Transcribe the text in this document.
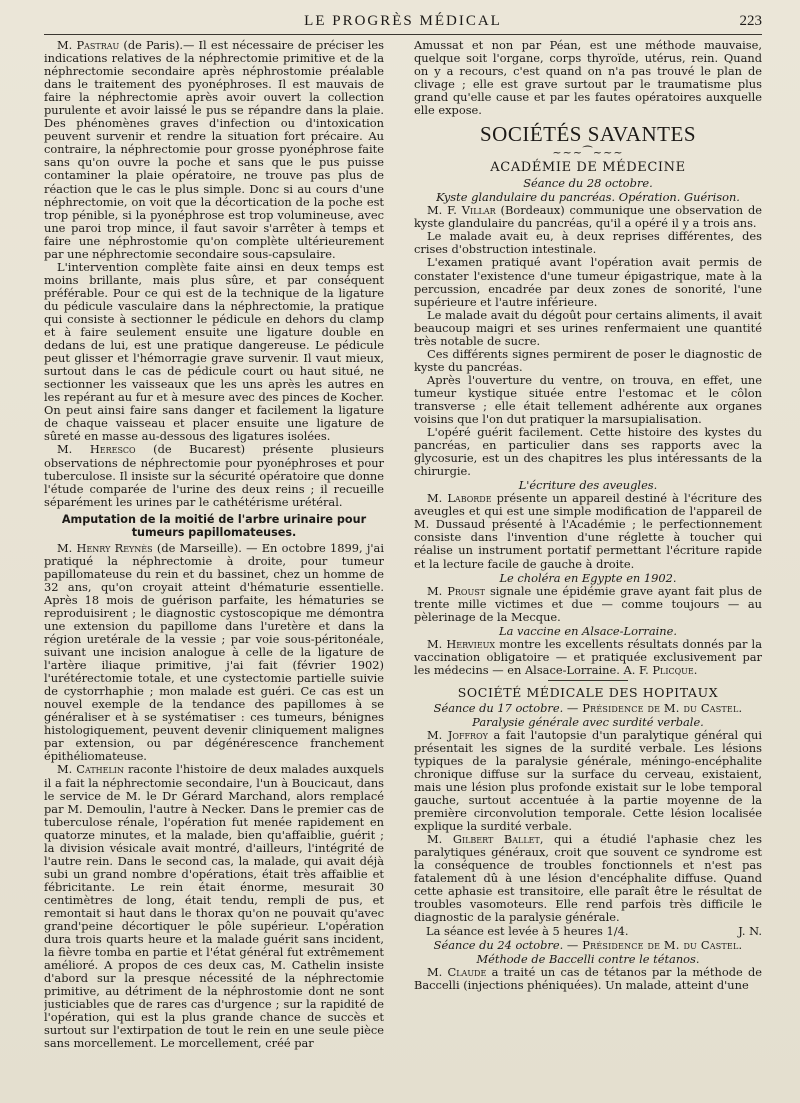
LE PROGRÈS MÉDICAL	223

M. Pastrau (de Paris).— Il est nécessaire de préciser les indications relatives de la néphrectomie primitive et de la néphrectomie secondaire après néphrostomie préalable dans le traitement des pyonéphroses. Il est mauvais de faire la néphrectomie après avoir ouvert la collection purulente et avoir laissé le pus se répandre dans la plaie. Des phénomènes graves d'infection ou d'intoxication peuvent survenir et rendre la situation fort précaire. Au contraire, la néphrectomie pour grosse pyonéphrose faite sans qu'on ouvre la poche et sans que le pus puisse contaminer la plaie opératoire, ne trouve pas plus de réaction que le cas le plus simple. Donc si au cours d'une néphrectomie, on voit que la décortication de la poche est trop pénible, si la pyonéphrose est trop volumineuse, avec une paroi trop mince, il faut savoir s'arrêter à temps et faire une néphrostomie qu'on complète ultérieurement par une néphrectomie secondaire sous-capsulaire.

L'intervention complète faite ainsi en deux temps est moins brillante, mais plus sûre, et par conséquent préférable. Pour ce qui est de la technique de la ligature du pédicule vasculaire dans la néphrectomie, la pratique qui consiste à sectionner le pédicule en dehors du clamp et à faire seulement ensuite une ligature double en dedans de lui, est une pratique dangereuse. Le pédicule peut glisser et l'hémorragie grave survenir. Il vaut mieux, surtout dans le cas de pédicule court ou haut situé, ne sectionner les vaisseaux que les uns après les autres en les repérant au fur et à mesure avec des pinces de Kocher. On peut ainsi faire sans danger et facilement la ligature de chaque vaisseau et placer ensuite une ligature de sûreté en masse au-dessous des ligatures isolées.

M. Heresco (de Bucarest) présente plusieurs observations de néphrectomie pour pyonéphroses et pour tuberculose. Il insiste sur la sécurité opératoire que donne l'étude comparée de l'urine des deux reins ; il recueille séparément les urines par le cathétérisme urétéral.

Amputation de la moitié de l'arbre urinaire pour tumeurs papillomateuses.

M. Henry Reynès (de Marseille). — En octobre 1899, j'ai pratiqué la néphrectomie à droite, pour tumeur papillomateuse du rein et du bassinet, chez un homme de 32 ans, qu'on croyait atteint d'hématurie essentielle. Après 18 mois de guérison parfaite, les hématuries se reproduisirent ; le diagnostic cystoscopique me démontra une extension du papillome dans l'uretère et dans la région uretérale de la vessie ; par voie sous-péritonéale, suivant une incision analogue à celle de la ligature de l'artère iliaque primitive, j'ai fait (février 1902) l'urétérectomie totale, et une cystectomie partielle suivie de cystorrhaphie ; mon malade est guéri. Ce cas est un nouvel exemple de la tendance des papillomes à se généraliser et à se systématiser : ces tumeurs, bénignes histologiquement, peuvent devenir cliniquement malignes par extension, ou par dégénérescence franchement épithéliomateuse.

M. Cathelin raconte l'histoire de deux malades auxquels il a fait la néphrectomie secondaire, l'un à Boucicaut, dans le service de M. le Dr Gérard Marchand, alors remplacé par M. Demoulin, l'autre à Necker. Dans le premier cas de tuberculose rénale, l'opération fut menée rapidement en quatorze minutes, et la malade, bien qu'affaiblie, guérit ; la division vésicale avait montré, d'ailleurs, l'intégrité de l'autre rein. Dans le second cas, la malade, qui avait déjà subi un grand nombre d'opérations, était très affaiblie et fébricitante. Le rein était énorme, mesurait 30 centimètres de long, était tendu, rempli de pus, et remontait si haut dans le thorax qu'on ne pouvait qu'avec grand'peine décortiquer le pôle supérieur. L'opération dura trois quarts heure et la malade guérit sans incident, la fièvre tomba en partie et l'état général fut extrêmement amélioré. A propos de ces deux cas, M. Cathelin insiste d'abord sur la presque nécessité de la néphrectomie primitive, au détriment de la néphrostomie dont ne sont justiciables que de rares cas d'urgence ; sur la rapidité de l'opération, qui est la plus grande chance de succès et surtout sur l'extirpation de tout le rein en une seule pièce sans morcellement. Le morcellement, créé par

Amussat et non par Péan, est une méthode mauvaise, quelque soit l'organe, corps thyroïde, utérus, rein. Quand on y a recours, c'est quand on n'a pas trouvé le plan de clivage ; elle est grave surtout par le traumatisme plus grand qu'elle cause et par les fautes opératoires auxquelle elle expose.

SOCIÉTÉS SAVANTES
~~~⁀~~~
ACADÉMIE DE MÉDECINE
Séance du 28 octobre.
Kyste glandulaire du pancréas. Opération. Guérison.

M. F. Villar (Bordeaux) communique une observation de kyste glandulaire du pancréas, qu'il a opéré il y a trois ans.

Le malade avait eu, à deux reprises différentes, des crises d'obstruction intestinale.

L'examen pratiqué avant l'opération avait permis de constater l'existence d'une tumeur épigastrique, mate à la percussion, encadrée par deux zones de sonorité, l'une supérieure et l'autre inférieure.

Le malade avait du dégoût pour certains aliments, il avait beaucoup maigri et ses urines renfermaient une quantité très notable de sucre.

Ces différents signes permirent de poser le diagnostic de kyste du pancréas.

Après l'ouverture du ventre, on trouva, en effet, une tumeur kystique située entre l'estomac et le côlon transverse ; elle était tellement adhérente aux organes voisins que l'on dut pratiquer la marsupialisation.

L'opéré guérit facilement. Cette histoire des kystes du pancréas, en particulier dans ses rapports avec la glycosurie, est un des chapitres les plus intéressants de la chirurgie.

L'écriture des aveugles.

M. Laborde présente un appareil destiné à l'écriture des aveugles et qui est une simple modification de l'appareil de M. Dussaud présenté à l'Académie ; le perfectionnement consiste dans l'invention d'une réglette à toucher qui réalise un instrument portatif permettant l'écriture rapide et la lecture facile de gauche à droite.

Le choléra en Egypte en 1902.

M. Proust signale une épidémie grave ayant fait plus de trente mille victimes et due — comme toujours — au pèlerinage de la Mecque.

La vaccine en Alsace-Lorraine.

M. Hervieux montre les excellents résultats donnés par la vaccination obligatoire — et pratiquée exclusivement par les médecins — en Alsace-Lorraine. A. F. Plicque.

SOCIÉTÉ MÉDICALE DES HOPITAUX
Séance du 17 octobre. — Présidence de M. du Castel.
Paralysie générale avec surdité verbale.

M. Joffroy a fait l'autopsie d'un paralytique général qui présentait les signes de la surdité verbale. Les lésions typiques de la paralysie générale, méningo-encéphalite chronique diffuse sur la surface du cerveau, existaient, mais une lésion plus profonde existait sur le lobe temporal gauche, surtout accentuée à la partie moyenne de la première circonvolution temporale. Cette lésion localisée explique la surdité verbale.

M. Gilbert Ballet, qui a étudié l'aphasie chez les paralytiques généraux, croit que souvent ce syndrome est la conséquence de troubles fonctionnels et n'est pas fatalement dû à une lésion d'encéphalite diffuse. Quand cette aphasie est transitoire, elle paraît être le résultat de troubles vasomoteurs. Elle rend parfois très difficile le diagnostic de la paralysie générale.

La séance est levée à 5 heures 1/4.	J. N.
Séance du 24 octobre. — Présidence de M. du Castel.
Méthode de Baccelli contre le tétanos.

M. Claude a traité un cas de tétanos par la méthode de Baccelli (injections phéniquées). Un malade, atteint d'une
